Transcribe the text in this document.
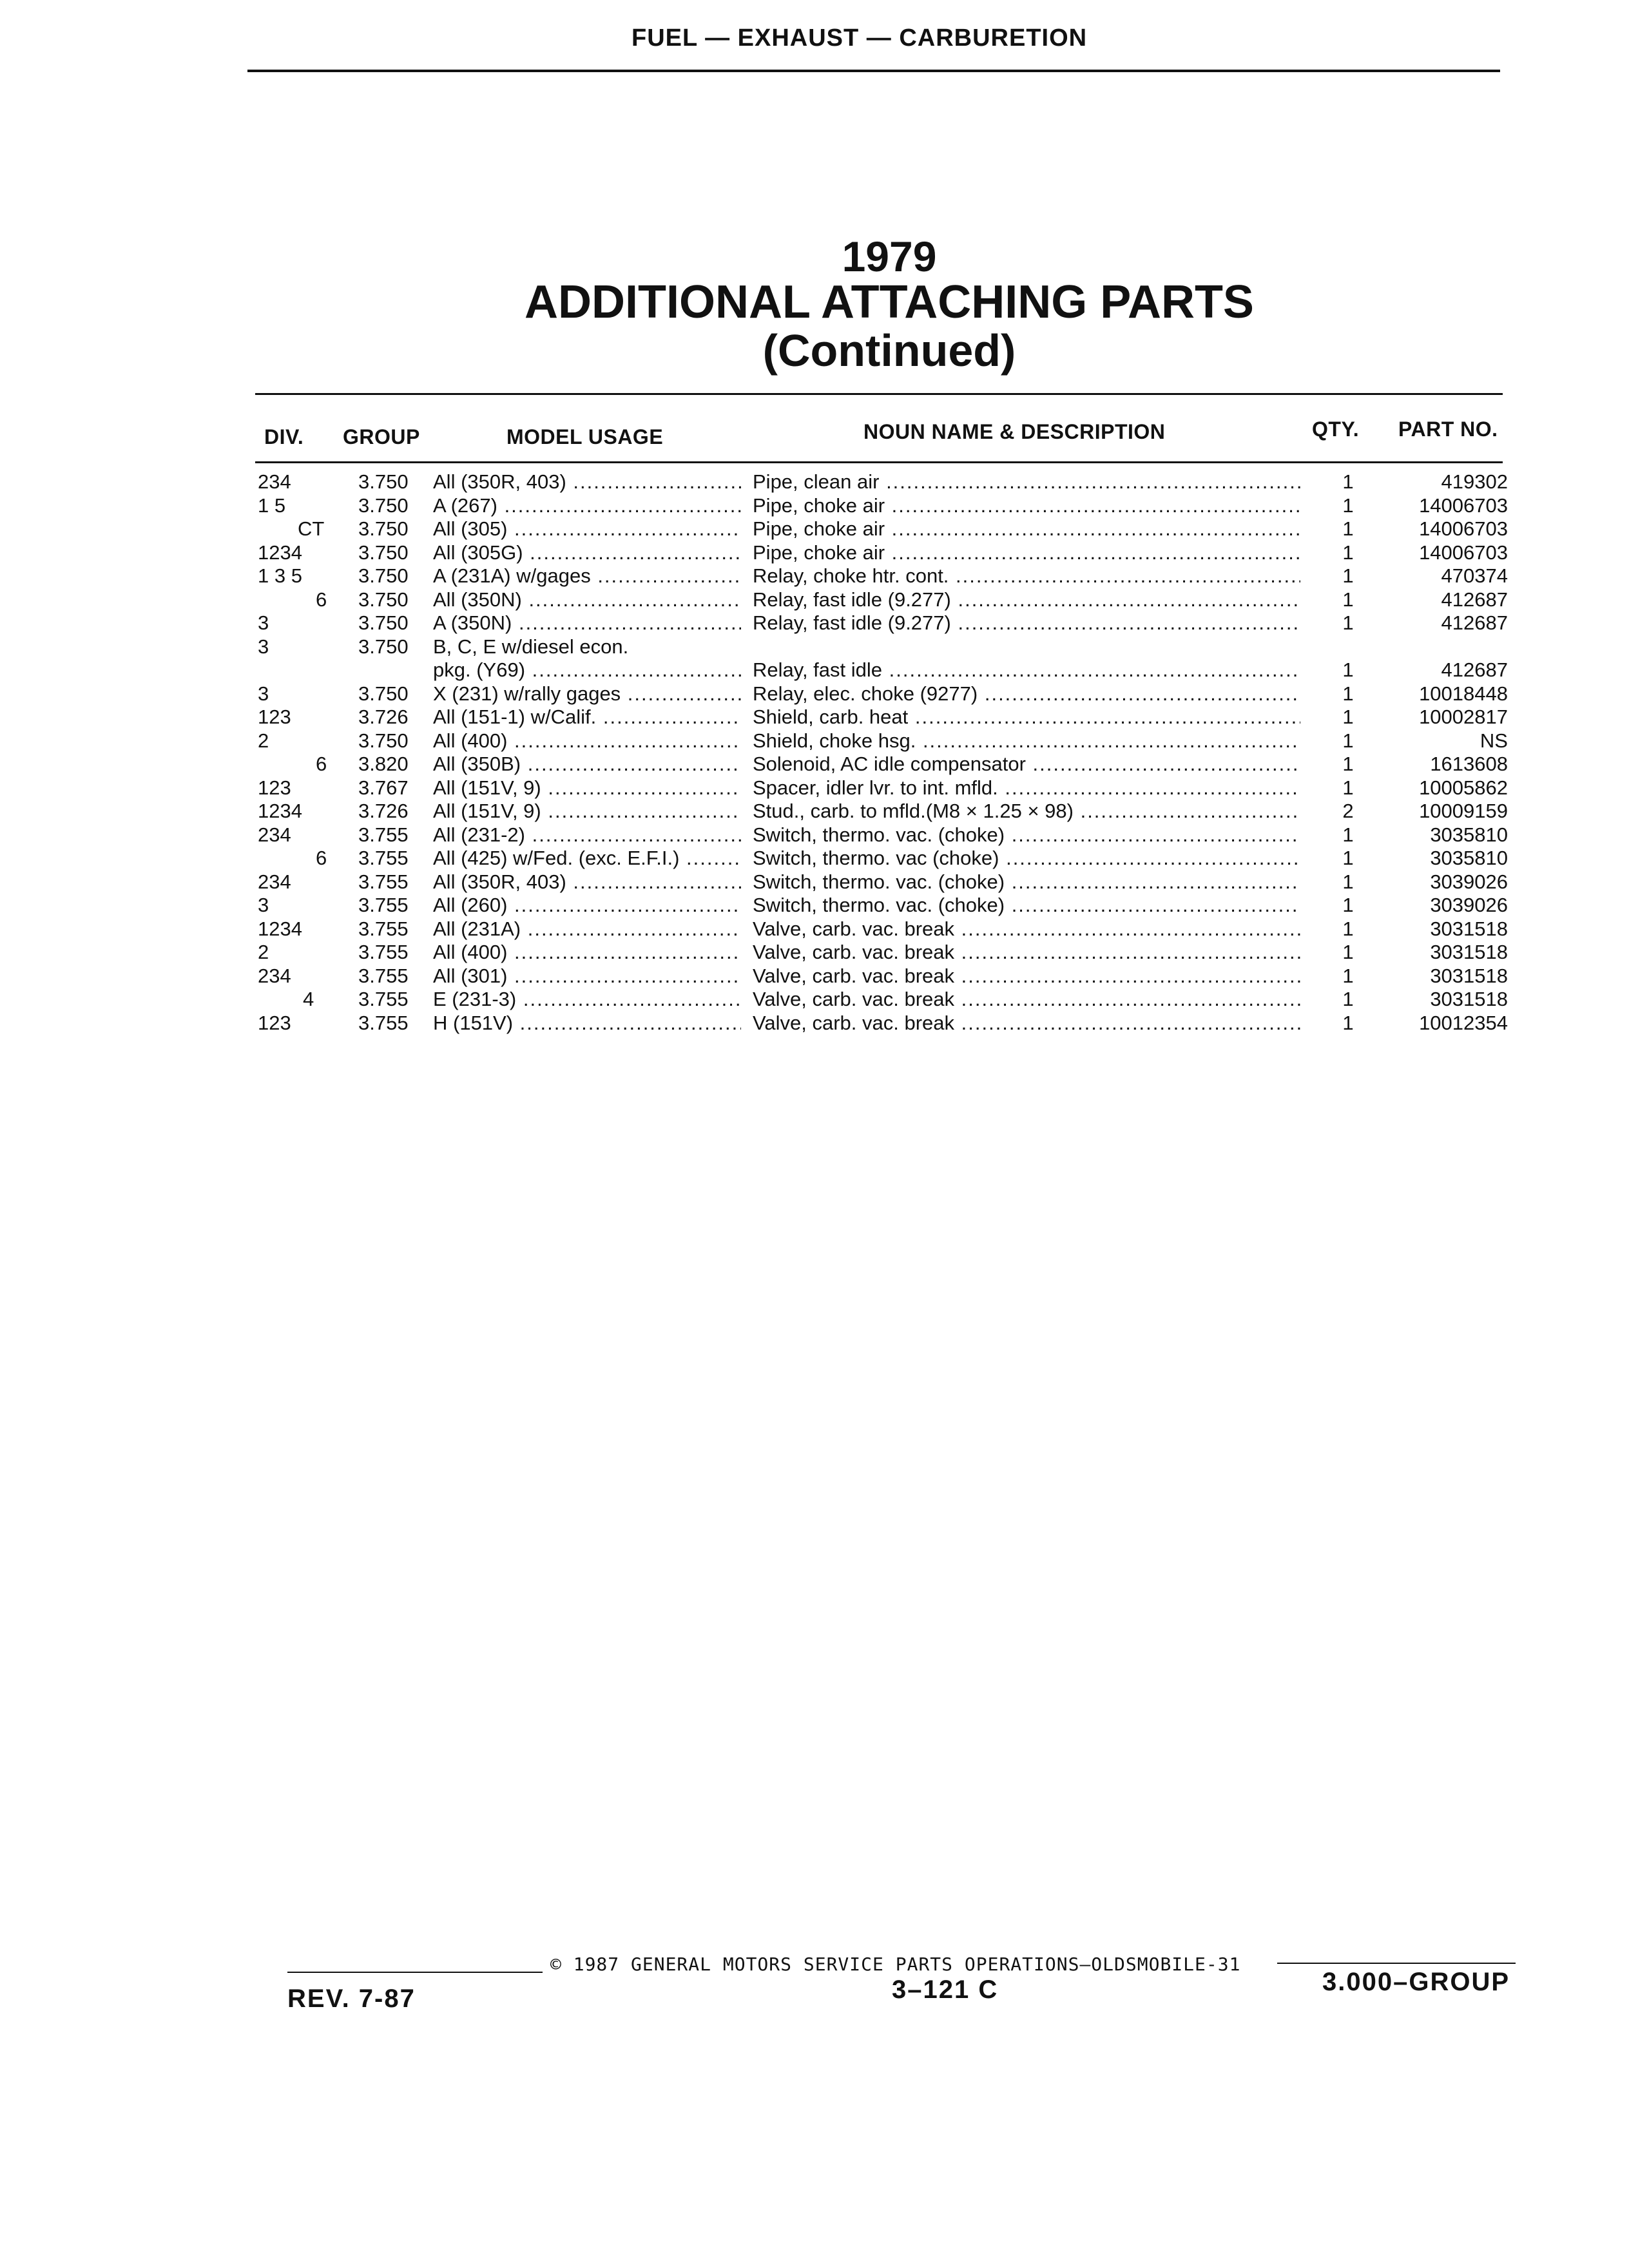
FUEL — EXHAUST — CARBURETION
1979
ADDITIONAL ATTACHING PARTS
(Continued)
DIV. GROUP	MODEL USAGE	NOUN NAME & DESCRIPTION	QTY. PART NO.
234	3.750 All (350R, 403) .....	Pipe, clean air .....	1	419302
1 5	3.750 A (267) .....	Pipe, choke air .....	1	14006703
CT	3.750 All (305) .....	Pipe, choke air .....	1	14006703
1234	3.750 All (305G) .....	Pipe, choke air .....	1	14006703
1 3 5	3.750 A (231A) w/gages .....	Relay, choke htr. cont. .....	1	470374
6	3.750 All (350N) .....	Relay, fast idle (9.277) .....	1	412687
3	3.750 A (350N) .....	Relay, fast idle (9.277) .....	1	412687
3	3.750 B, C, E w/diesel econ.
pkg. (Y69) .....	Relay, fast idle .....	1	412687
3	3.750 X (231) w/rally gages .....	Relay, elec. choke (9277) .....	1	10018448
123	3.726 All (151-1) w/Calif. .....	Shield, carb. heat .....	1	10002817
2	3.750 All (400) .....	Shield, choke hsg. .....	1	NS
6	3.820 All (350B) .....	Solenoid, AC idle compensator .....	1	1613608
123	3.767 All (151V, 9) .....	Spacer, idler lvr. to int. mfld. .....	1	10005862
1234	3.726 All (151V, 9) .....	Stud., carb. to mfld.(M8 × 1.25 × 98) .....	2	10009159
234	3.755 All (231-2) .....	Switch, thermo. vac. (choke) .....	1	3035810
6	3.755 All (425) w/Fed. (exc. E.F.I.) .....	Switch, thermo. vac (choke) .....	1	3035810
234	3.755 All (350R, 403) .....	Switch, thermo. vac. (choke) .....	1	3039026
3	3.755 All (260) .....	Switch, thermo. vac. (choke) .....	1	3039026
1234	3.755 All (231A) .....	Valve, carb. vac. break .....	1	3031518
2	3.755 All (400) .....	Valve, carb. vac. break .....	1	3031518
234	3.755 All (301) .....	Valve, carb. vac. break .....	1	3031518
4	3.755 E (231-3) .....	Valve, carb. vac. break .....	1	3031518
123	3.755 H (151V) .....	Valve, carb. vac. break .....	1	10012354
© 1987 GENERAL MOTORS SERVICE PARTS OPERATIONS—OLDSMOBILE-31
REV. 7-87	3–121 C	3.000–GROUP
